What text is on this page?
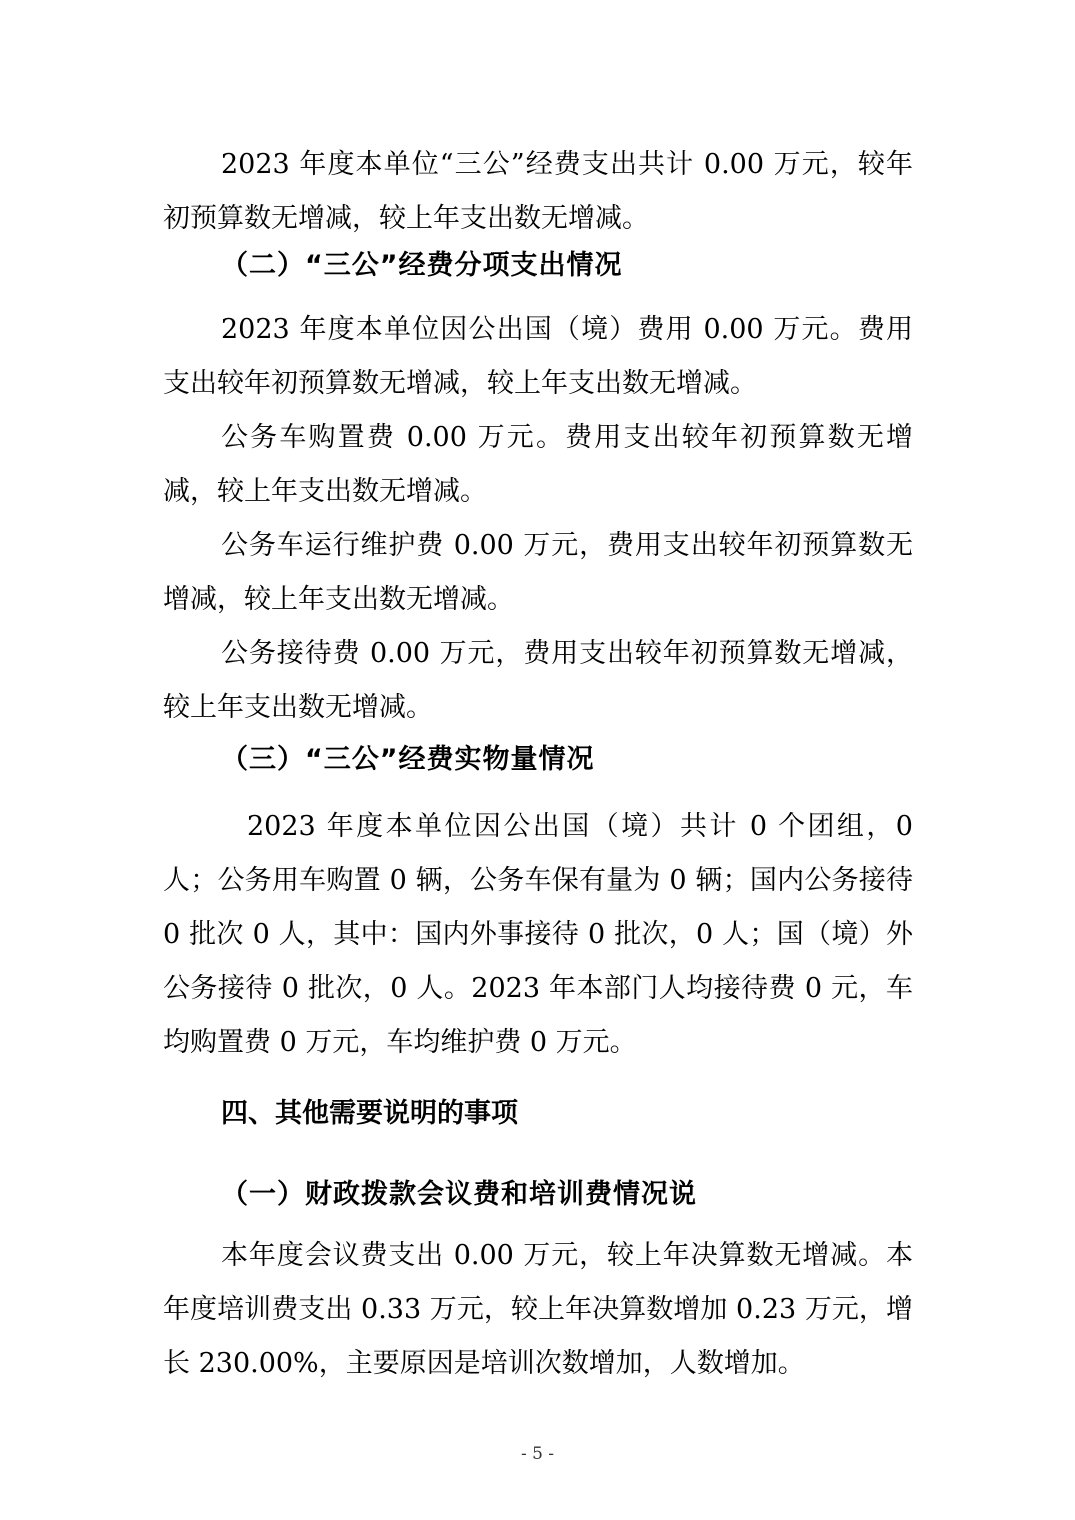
2023 年度本单位“三公”经费支出共计 0.00 万元，较年初预算数无增减，较上年支出数无增减。

（二）“三公”经费分项支出情况

2023 年度本单位因公出国（境）费用 0.00 万元。费用支出较年初预算数无增减，较上年支出数无增减。

公务车购置费 0.00 万元。费用支出较年初预算数无增减，较上年支出数无增减。

公务车运行维护费 0.00 万元，费用支出较年初预算数无增减，较上年支出数无增减。

公务接待费 0.00 万元，费用支出较年初预算数无增减，较上年支出数无增减。

（三）“三公”经费实物量情况

2023 年度本单位因公出国（境）共计 0 个团组，0 人；公务用车购置 0 辆，公务车保有量为 0 辆；国内公务接待 0 批次 0 人，其中：国内外事接待 0 批次，0 人；国（境）外公务接待 0 批次，0 人。2023 年本部门人均接待费 0 元，车均购置费 0 万元，车均维护费 0 万元。

四、其他需要说明的事项
（一）财政拨款会议费和培训费情况说

本年度会议费支出 0.00 万元，较上年决算数无增减。本年度培训费支出 0.33 万元，较上年决算数增加 0.23 万元，增长 230.00%，主要原因是培训次数增加，人数增加。

- 5 -
